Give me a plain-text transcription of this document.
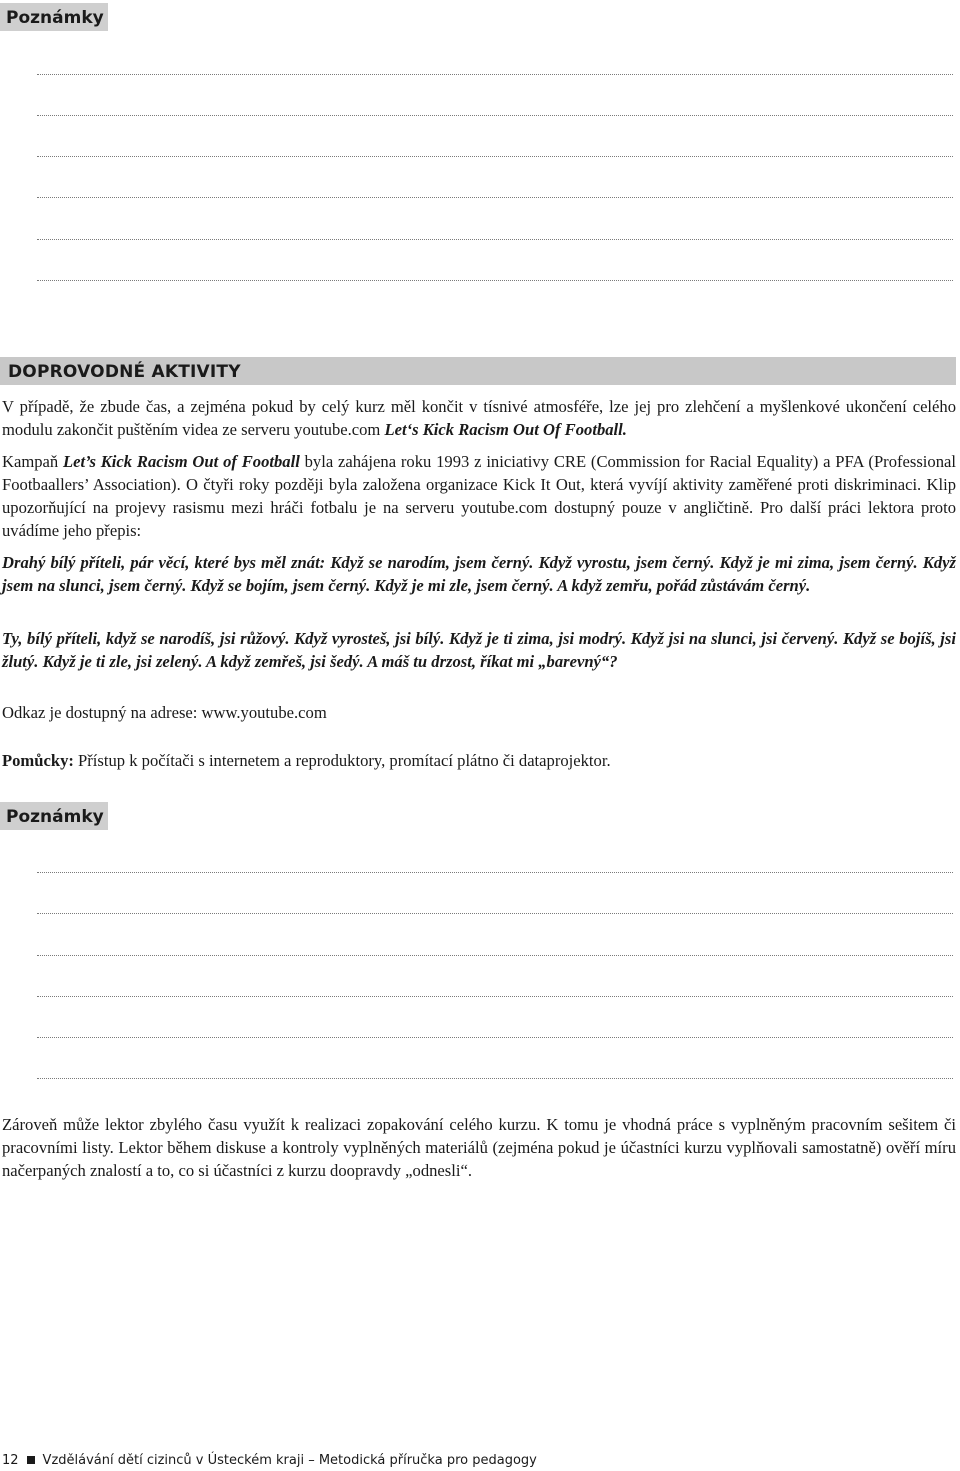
Poznámky
DOPROVODNÉ AKTIVITY
V případě, že zbude čas, a zejména pokud by celý kurz měl končit v tísnivé atmosféře, lze jej pro zlehčení a myšlenkové ukončení celého modulu zakončit puštěním videa ze serveru youtube.com Let‘s Kick Racism Out Of Football.
Kampaň Let’s Kick Racism Out of Football byla zahájena roku 1993 z iniciativy CRE (Commission for Racial Equality) a PFA (Professional Footbaallers’ Association). O čtyři roky později byla založena organizace Kick It Out, která vyvíjí aktivity zaměřené proti diskriminaci. Klip upozorňující na projevy rasismu mezi hráči fotbalu je na serveru youtube.com dostupný pouze v angličtině. Pro další práci lektora proto uvádíme jeho přepis:
Drahý bílý příteli, pár věcí, které bys měl znát: Když se narodím, jsem černý. Když vyrostu, jsem černý. Když je mi zima, jsem černý. Když jsem na slunci, jsem černý. Když se bojím, jsem černý. Když je mi zle, jsem černý. A když zemřu, pořád zůstávám černý.
Ty, bílý příteli, když se narodíš, jsi růžový. Když vyrosteš, jsi bílý. Když je ti zima, jsi modrý. Když jsi na slunci, jsi červený. Když se bojíš, jsi žlutý. Když je ti zle, jsi zelený. A když zemřeš, jsi šedý. A máš tu drzost, říkat mi „barevný“?
Odkaz je dostupný na adrese: www.youtube.com
Pomůcky: Přístup k počítači s internetem a reproduktory, promítací plátno či dataprojektor.
Poznámky
Zároveň může lektor zbylého času využít k realizaci zopakování celého kurzu. K tomu je vhodná práce s vyplněným pracovním sešitem či pracovními listy. Lektor během diskuse a kontroly vyplněných materiálů (zejména pokud je účastníci kurzu vyplňovali samostatně) ověří míru načerpaných znalostí a to, co si účastníci z kurzu doopravdy „odnesli“.
12 Vzdělávání dětí cizinců v Ústeckém kraji – Metodická příručka pro pedagogy
